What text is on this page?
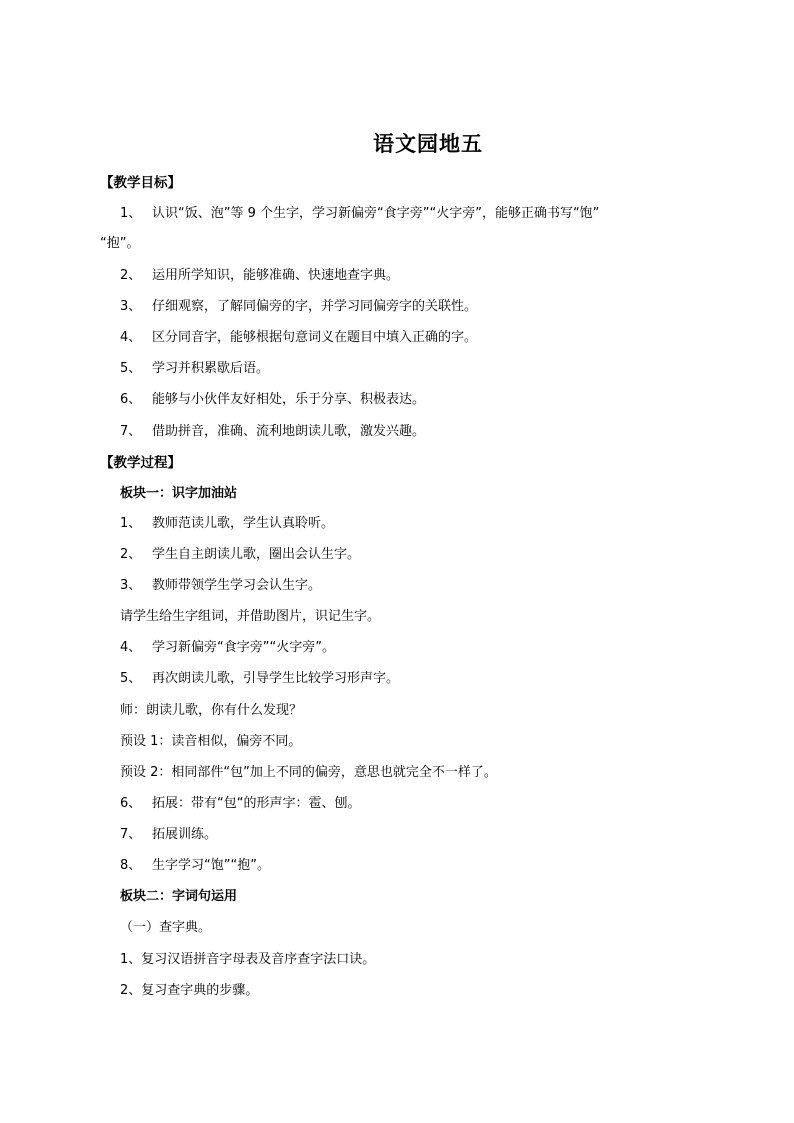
语文园地五
【教学目标】
1、 认识“饭、泡”等 9 个生字，学习新偏旁“食字旁”“火字旁”，能够正确书写“饱”
“抱”。
2、 运用所学知识，能够准确、快速地查字典。
3、 仔细观察，了解同偏旁的字，并学习同偏旁字的关联性。
4、 区分同音字，能够根据句意词义在题目中填入正确的字。
5、 学习并积累歇后语。
6、 能够与小伙伴友好相处，乐于分享、积极表达。
7、 借助拼音，准确、流利地朗读儿歌，激发兴趣。
【教学过程】
板块一：识字加油站
1、 教师范读儿歌，学生认真聆听。
2、 学生自主朗读儿歌，圈出会认生字。
3、 教师带领学生学习会认生字。
请学生给生字组词，并借助图片，识记生字。
4、 学习新偏旁“食字旁”“火字旁”。
5、 再次朗读儿歌，引导学生比较学习形声字。
师：朗读儿歌，你有什么发现？
预设 1：读音相似，偏旁不同。
预设 2：相同部件“包”加上不同的偏旁，意思也就完全不一样了。
6、 拓展：带有“包“的形声字：雹、刨。
7、 拓展训练。
8、 生字学习“饱”“抱”。
板块二：字词句运用
（一）查字典。
1、复习汉语拼音字母表及音序查字法口诀。
2、复习查字典的步骤。
